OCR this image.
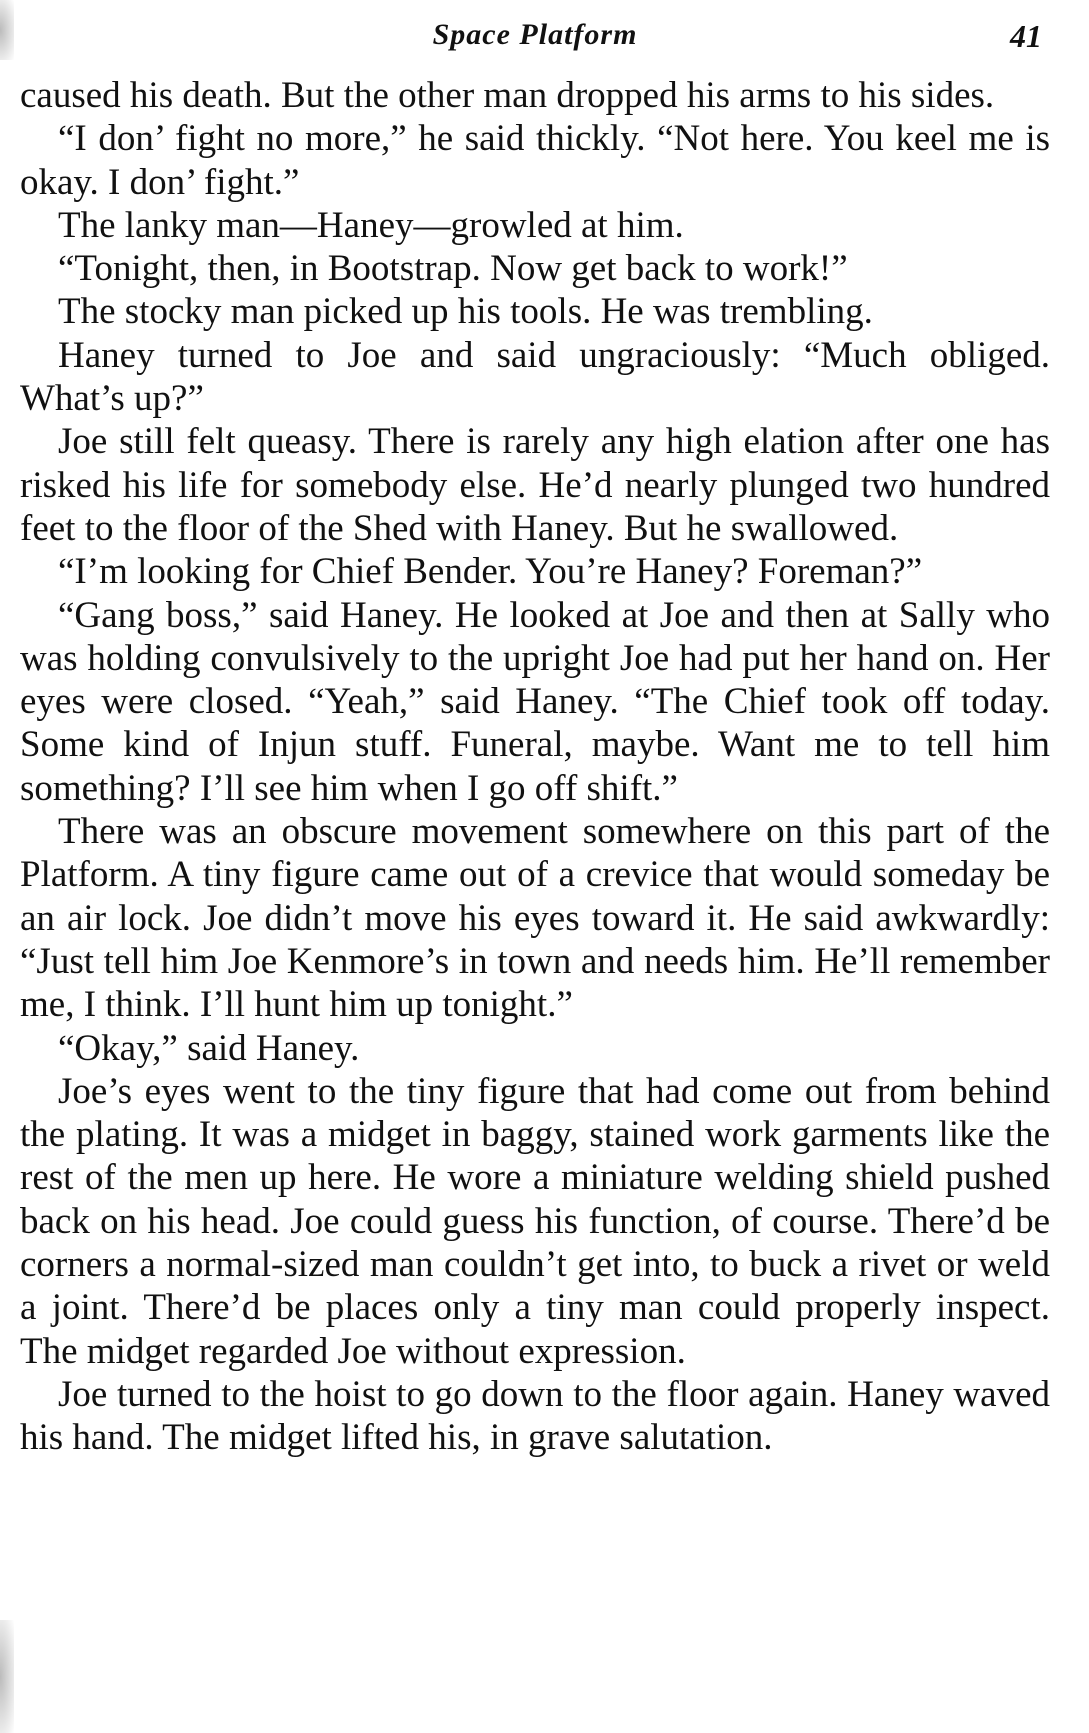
Space Platform	41

caused his death. But the other man dropped his arms to his sides.

“I don’ fight no more,” he said thickly. “Not here. You keel me is okay. I don’ fight.”

The lanky man—Haney—growled at him.

“Tonight, then, in Bootstrap. Now get back to work!”

The stocky man picked up his tools. He was trembling.

Haney turned to Joe and said ungraciously: “Much obliged. What’s up?”

Joe still felt queasy. There is rarely any high elation after one has risked his life for somebody else. He’d nearly plunged two hundred feet to the floor of the Shed with Haney. But he swallowed.

“I’m looking for Chief Bender. You’re Haney? Foreman?”

“Gang boss,” said Haney. He looked at Joe and then at Sally who was holding convulsively to the upright Joe had put her hand on. Her eyes were closed. “Yeah,” said Haney. “The Chief took off today. Some kind of Injun stuff. Funeral, maybe. Want me to tell him something? I’ll see him when I go off shift.”

There was an obscure movement somewhere on this part of the Platform. A tiny figure came out of a crevice that would someday be an air lock. Joe didn’t move his eyes toward it. He said awkwardly: “Just tell him Joe Kenmore’s in town and needs him. He’ll remember me, I think. I’ll hunt him up tonight.”

“Okay,” said Haney.

Joe’s eyes went to the tiny figure that had come out from behind the plating. It was a midget in baggy, stained work garments like the rest of the men up here. He wore a miniature welding shield pushed back on his head. Joe could guess his function, of course. There’d be corners a normal-sized man couldn’t get into, to buck a rivet or weld a joint. There’d be places only a tiny man could properly inspect. The midget regarded Joe without expression.

Joe turned to the hoist to go down to the floor again. Haney waved his hand. The midget lifted his, in grave salutation.
